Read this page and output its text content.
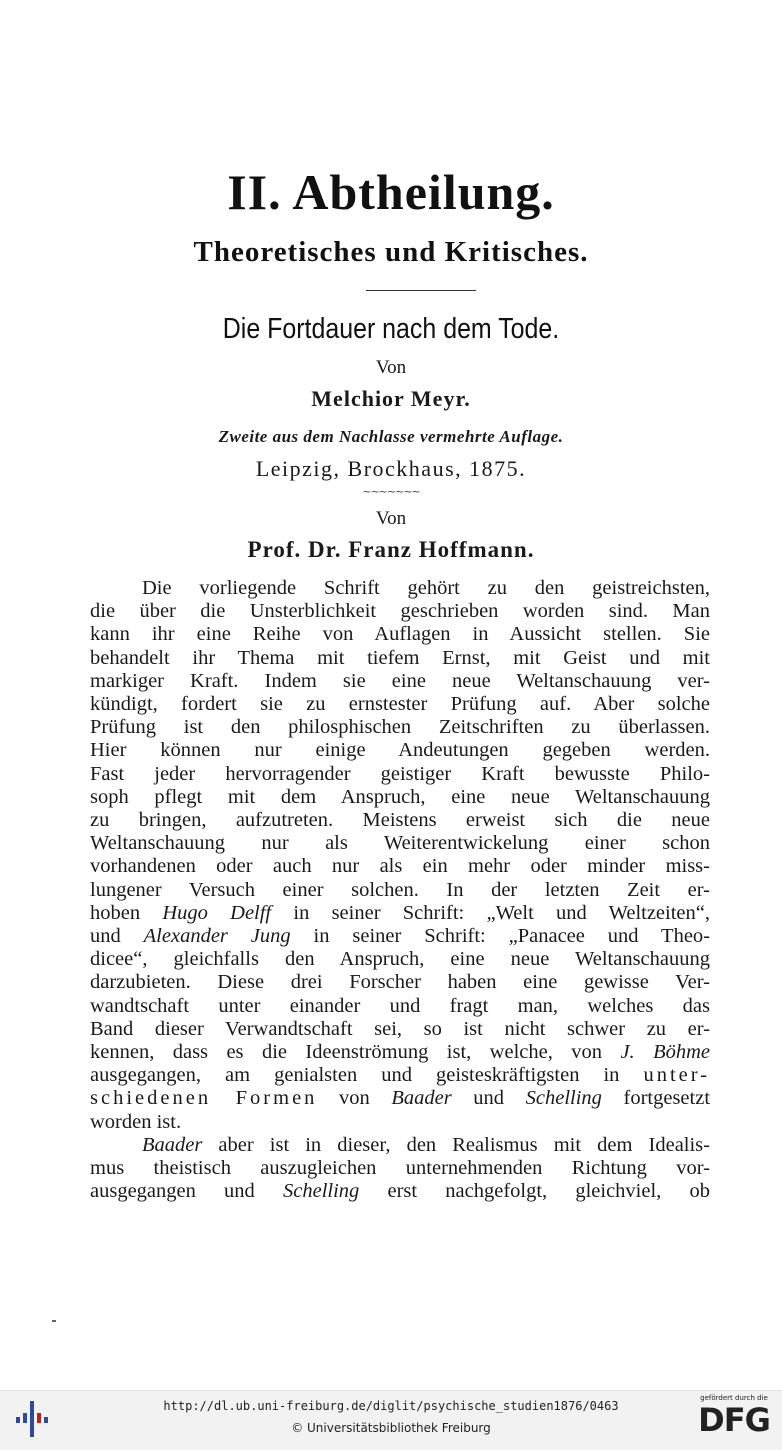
II. Abtheilung.
Theoretisches und Kritisches.
Die Fortdauer nach dem Tode.
Von
Melchior Meyr.
Zweite aus dem Nachlasse vermehrte Auflage.
Leipzig, Brockhaus, 1875.
~~~~~~~
Von
Prof. Dr. Franz Hoffmann.
Die vorliegende Schrift gehört zu den geistreichsten,
die über die Unsterblichkeit geschrieben worden sind. Man
kann ihr eine Reihe von Auflagen in Aussicht stellen. Sie
behandelt ihr Thema mit tiefem Ernst, mit Geist und mit
markiger Kraft. Indem sie eine neue Weltanschauung ver-
kündigt, fordert sie zu ernstester Prüfung auf. Aber solche
Prüfung ist den philosphischen Zeitschriften zu überlassen.
Hier können nur einige Andeutungen gegeben werden.
Fast jeder hervorragender geistiger Kraft bewusste Philo-
soph pflegt mit dem Anspruch, eine neue Weltanschauung
zu bringen, aufzutreten. Meistens erweist sich die neue
Weltanschauung nur als Weiterentwickelung einer schon
vorhandenen oder auch nur als ein mehr oder minder miss-
lungener Versuch einer solchen. In der letzten Zeit er-
hoben Hugo Delff in seiner Schrift: „Welt und Weltzeiten“,
und Alexander Jung in seiner Schrift: „Panacee und Theo-
dicee“, gleichfalls den Anspruch, eine neue Weltanschauung
darzubieten. Diese drei Forscher haben eine gewisse Ver-
wandtschaft unter einander und fragt man, welches das
Band dieser Verwandtschaft sei, so ist nicht schwer zu er-
kennen, dass es die Ideenströmung ist, welche, von J. Böhme
ausgegangen, am genialsten und geisteskräftigsten in unter-
schiedenen Formen von Baader und Schelling fortgesetzt
worden ist.
Baader aber ist in dieser, den Realismus mit dem Idealis-
mus theistisch auszugleichen unternehmenden Richtung vor-
ausgegangen und Schelling erst nachgefolgt, gleichviel, ob
http://dl.ub.uni-freiburg.de/diglit/psychische_studien1876/0463
© Universitätsbibliothek Freiburg
gefördert durch die
DFG
